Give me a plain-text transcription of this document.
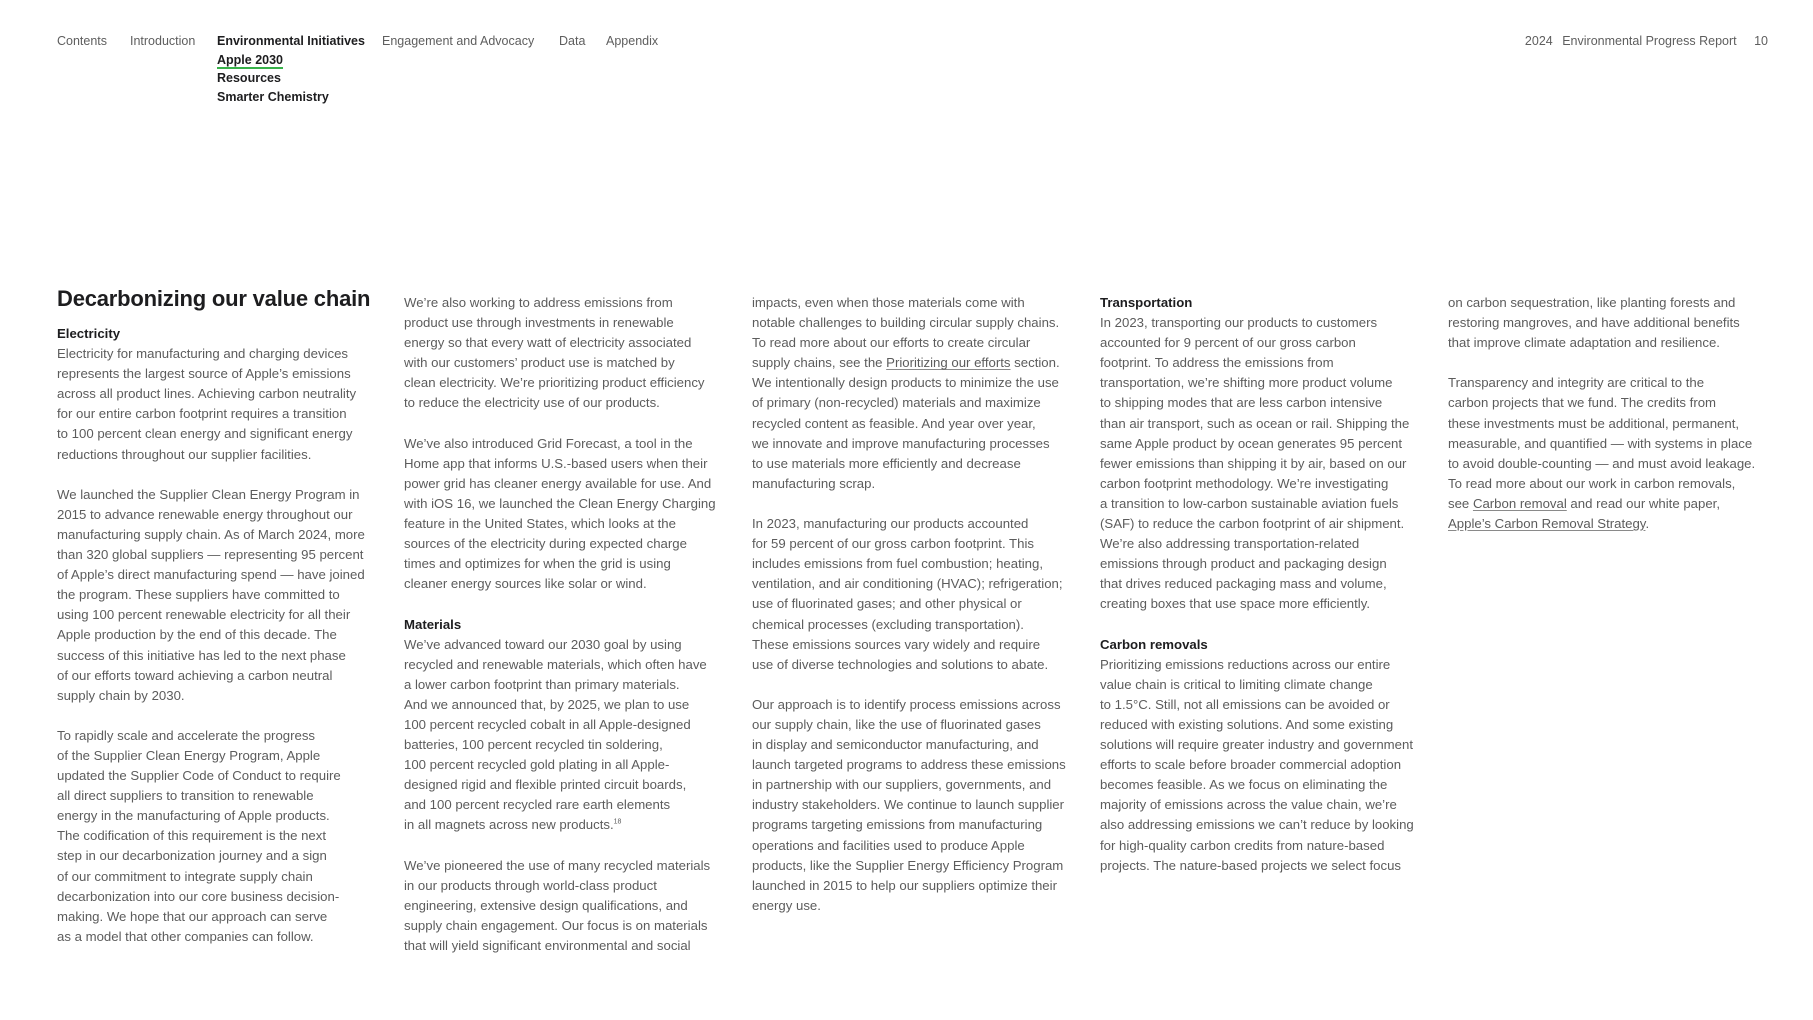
Contents Introduction Environmental Initiatives Engagement and Advocacy Data Appendix
Apple 2030
Resources
Smarter Chemistry
2024 Environmental Progress Report 10
Decarbonizing our value chain

Electricity

Electricity for manufacturing and charging devices
represents the largest source of Apple’s emissions
across all product lines. Achieving carbon neutrality
for our entire carbon footprint requires a transition
to 100 percent clean energy and significant energy
reductions throughout our supplier facilities.

We launched the Supplier Clean Energy Program in
2015 to advance renewable energy throughout our
manufacturing supply chain. As of March 2024, more
than 320 global suppliers — representing 95 percent
of Apple’s direct manufacturing spend — have joined
the program. These suppliers have committed to
using 100 percent renewable electricity for all their
Apple production by the end of this decade. The
success of this initiative has led to the next phase
of our efforts toward achieving a carbon neutral
supply chain by 2030.

To rapidly scale and accelerate the progress
of the Supplier Clean Energy Program, Apple
updated the Supplier Code of Conduct to require
all direct suppliers to transition to renewable
energy in the manufacturing of Apple products.
The codification of this requirement is the next
step in our decarbonization journey and a sign
of our commitment to integrate supply chain
decarbonization into our core business decision-
making. We hope that our approach can serve
as a model that other companies can follow.

We’re also working to address emissions from
product use through investments in renewable
energy so that every watt of electricity associated
with our customers’ product use is matched by
clean electricity. We’re prioritizing product efficiency
to reduce the electricity use of our products.

We’ve also introduced Grid Forecast, a tool in the
Home app that informs U.S.-based users when their
power grid has cleaner energy available for use. And
with iOS 16, we launched the Clean Energy Charging
feature in the United States, which looks at the
sources of the electricity during expected charge
times and optimizes for when the grid is using
cleaner energy sources like solar or wind.

Materials

We’ve advanced toward our 2030 goal by using
recycled and renewable materials, which often have
a lower carbon footprint than primary materials.
And we announced that, by 2025, we plan to use
100 percent recycled cobalt in all Apple-designed
batteries, 100 percent recycled tin soldering,
100 percent recycled gold plating in all Apple-
designed rigid and flexible printed circuit boards,
and 100 percent recycled rare earth elements
in all magnets across new products.$^{18}$

We’ve pioneered the use of many recycled materials
in our products through world-class product
engineering, extensive design qualifications, and
supply chain engagement. Our focus is on materials
that will yield significant environmental and social

impacts, even when those materials come with
notable challenges to building circular supply chains.
To read more about our efforts to create circular
supply chains, see the Prioritizing our efforts section.
We intentionally design products to minimize the use
of primary (non-recycled) materials and maximize
recycled content as feasible. And year over year,
we innovate and improve manufacturing processes
to use materials more efficiently and decrease
manufacturing scrap.

In 2023, manufacturing our products accounted
for 59 percent of our gross carbon footprint. This
includes emissions from fuel combustion; heating,
ventilation, and air conditioning (HVAC); refrigeration;
use of fluorinated gases; and other physical or
chemical processes (excluding transportation).
These emissions sources vary widely and require
use of diverse technologies and solutions to abate.

Our approach is to identify process emissions across
our supply chain, like the use of fluorinated gases
in display and semiconductor manufacturing, and
launch targeted programs to address these emissions
in partnership with our suppliers, governments, and
industry stakeholders. We continue to launch supplier
programs targeting emissions from manufacturing
operations and facilities used to produce Apple
products, like the Supplier Energy Efficiency Program
launched in 2015 to help our suppliers optimize their
energy use.

Transportation

In 2023, transporting our products to customers
accounted for 9 percent of our gross carbon
footprint. To address the emissions from
transportation, we’re shifting more product volume
to shipping modes that are less carbon intensive
than air transport, such as ocean or rail. Shipping the
same Apple product by ocean generates 95 percent
fewer emissions than shipping it by air, based on our
carbon footprint methodology. We’re investigating
a transition to low-carbon sustainable aviation fuels
(SAF) to reduce the carbon footprint of air shipment.
We’re also addressing transportation-related
emissions through product and packaging design
that drives reduced packaging mass and volume,
creating boxes that use space more efficiently.

Carbon removals

Prioritizing emissions reductions across our entire
value chain is critical to limiting climate change
to 1.5°C. Still, not all emissions can be avoided or
reduced with existing solutions. And some existing
solutions will require greater industry and government
efforts to scale before broader commercial adoption
becomes feasible. As we focus on eliminating the
majority of emissions across the value chain, we’re
also addressing emissions we can’t reduce by looking
for high-quality carbon credits from nature-based
projects. The nature-based projects we select focus

on carbon sequestration, like planting forests and
restoring mangroves, and have additional benefits
that improve climate adaptation and resilience.

Transparency and integrity are critical to the
carbon projects that we fund. The credits from
these investments must be additional, permanent,
measurable, and quantified — with systems in place
to avoid double-counting — and must avoid leakage.
To read more about our work in carbon removals,
see Carbon removal and read our white paper,
Apple’s Carbon Removal Strategy.
